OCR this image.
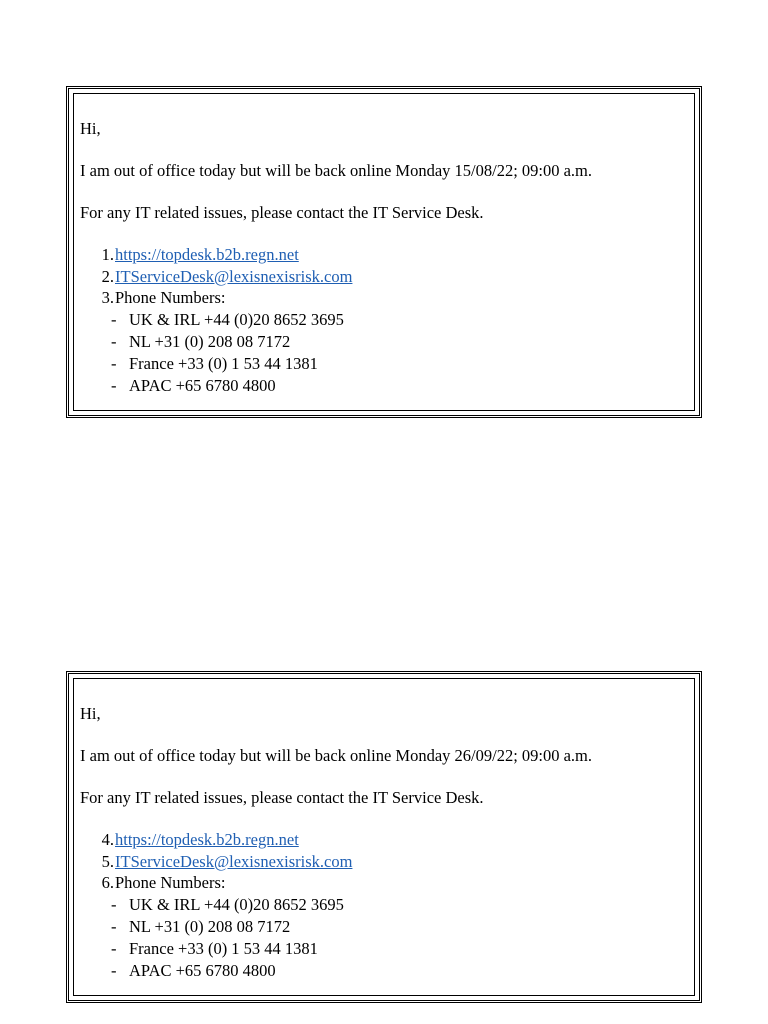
Hi,

I am out of office today but will be back online Monday 15/08/22; 09:00 a.m.

For any IT related issues, please contact the IT Service Desk.

1. https://topdesk.b2b.regn.net
2. ITServiceDesk@lexisnexisrisk.com
3. Phone Numbers:
- UK & IRL +44 (0)20 8652 3695
- NL +31 (0) 208 08 7172
- France +33 (0) 1 53 44 1381
- APAC +65 6780 4800

Hi,

I am out of office today but will be back online Monday 26/09/22; 09:00 a.m.

For any IT related issues, please contact the IT Service Desk.

4. https://topdesk.b2b.regn.net
5. ITServiceDesk@lexisnexisrisk.com
6. Phone Numbers:
- UK & IRL +44 (0)20 8652 3695
- NL +31 (0) 208 08 7172
- France +33 (0) 1 53 44 1381
- APAC +65 6780 4800
